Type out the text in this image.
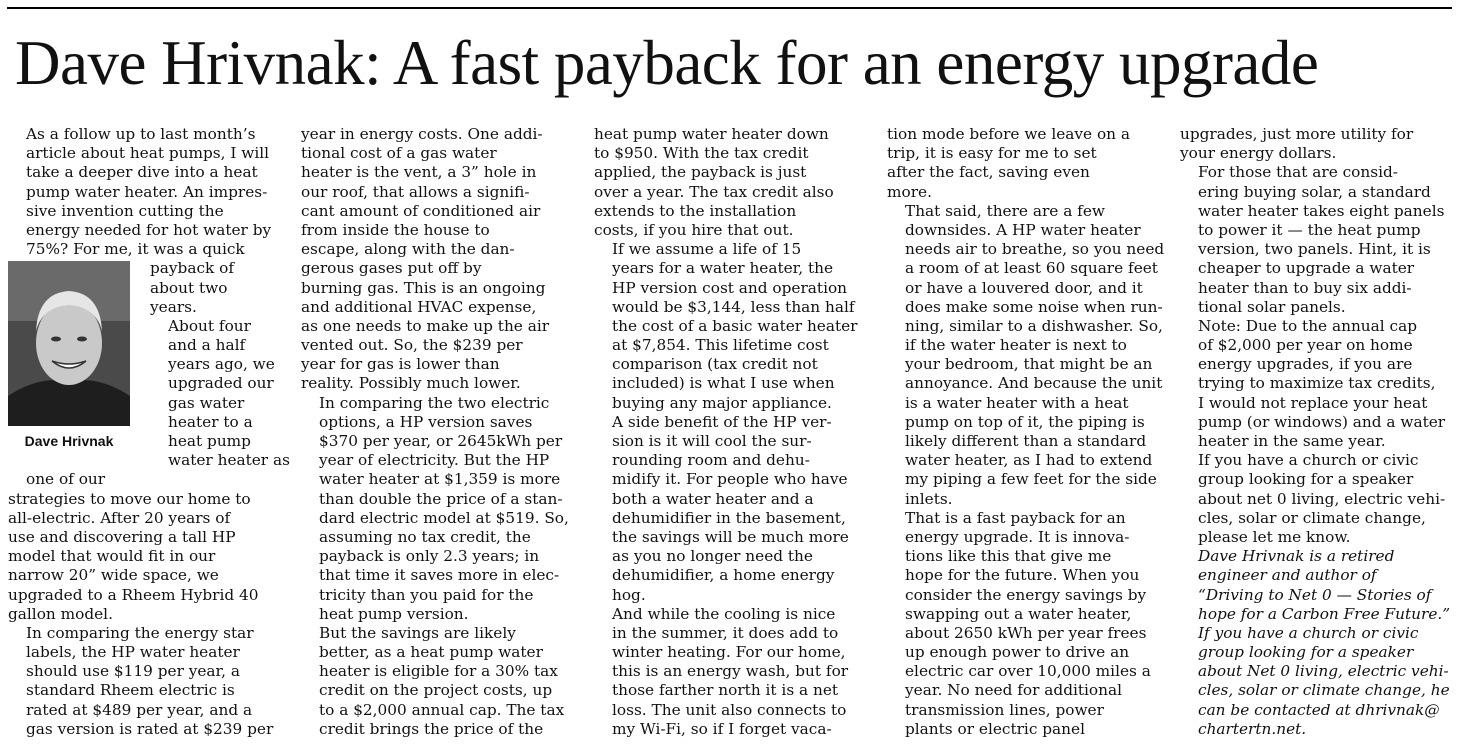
Dave Hrivnak: A fast payback for an energy upgrade

As a follow up to last month’s
article about heat pumps, I will
take a deeper dive into a heat
pump water heater. An impres-
sive invention cutting the
energy needed for hot water by
75%? For me, it was a quick

Dave Hrivnak

payback of
about two
years.

About four
and a half
years ago, we
upgraded our
gas water
heater to a
heat pump
water heater as
one of our

strategies to move our home to
all-electric. After 20 years of
use and discovering a tall HP
model that would fit in our
narrow 20” wide space, we
upgraded to a Rheem Hybrid 40
gallon model.

In comparing the energy star
labels, the HP water heater
should use $119 per year, a
standard Rheem electric is
rated at $489 per year, and a
gas version is rated at $239 per

year in energy costs. One addi-
tional cost of a gas water
heater is the vent, a 3” hole in
our roof, that allows a signifi-
cant amount of conditioned air
from inside the house to
escape, along with the dan-
gerous gases put off by
burning gas. This is an ongoing
and additional HVAC expense,
as one needs to make up the air
vented out. So, the $239 per
year for gas is lower than
reality. Possibly much lower.

In comparing the two electric
options, a HP version saves
$370 per year, or 2645kWh per
year of electricity. But the HP
water heater at $1,359 is more
than double the price of a stan-
dard electric model at $519. So,
assuming no tax credit, the
payback is only 2.3 years; in
that time it saves more in elec-
tricity than you paid for the
heat pump version.

But the savings are likely
better, as a heat pump water
heater is eligible for a 30% tax
credit on the project costs, up
to a $2,000 annual cap. The tax
credit brings the price of the

heat pump water heater down
to $950. With the tax credit
applied, the payback is just
over a year. The tax credit also
extends to the installation
costs, if you hire that out.

If we assume a life of 15
years for a water heater, the
HP version cost and operation
would be $3,144, less than half
the cost of a basic water heater
at $7,854. This lifetime cost
comparison (tax credit not
included) is what I use when
buying any major appliance.

A side benefit of the HP ver-
sion is it will cool the sur-
rounding room and dehu-
midify it. For people who have
both a water heater and a
dehumidifier in the basement,
the savings will be much more
as you no longer need the
dehumidifier, a home energy
hog.

And while the cooling is nice
in the summer, it does add to
winter heating. For our home,
this is an energy wash, but for
those farther north it is a net
loss. The unit also connects to
my Wi-Fi, so if I forget vaca-

tion mode before we leave on a
trip, it is easy for me to set
after the fact, saving even
more.

That said, there are a few
downsides. A HP water heater
needs air to breathe, so you need
a room of at least 60 square feet
or have a louvered door, and it
does make some noise when run-
ning, similar to a dishwasher. So,
if the water heater is next to
your bedroom, that might be an
annoyance. And because the unit
is a water heater with a heat
pump on top of it, the piping is
likely different than a standard
water heater, as I had to extend
my piping a few feet for the side
inlets.

That is a fast payback for an
energy upgrade. It is innova-
tions like this that give me
hope for the future. When you
consider the energy savings by
swapping out a water heater,
about 2650 kWh per year frees
up enough power to drive an
electric car over 10,000 miles a
year. No need for additional
transmission lines, power
plants or electric panel

upgrades, just more utility for
your energy dollars.

For those that are consid-
ering buying solar, a standard
water heater takes eight panels
to power it — the heat pump
version, two panels. Hint, it is
cheaper to upgrade a water
heater than to buy six addi-
tional solar panels.

Note: Due to the annual cap
of $2,000 per year on home
energy upgrades, if you are
trying to maximize tax credits,
I would not replace your heat
pump (or windows) and a water
heater in the same year.

If you have a church or civic
group looking for a speaker
about net 0 living, electric vehi-
cles, solar or climate change,
please let me know.

Dave Hrivnak is a retired
engineer and author of
“Driving to Net 0 — Stories of
hope for a Carbon Free Future.”
If you have a church or civic
group looking for a speaker
about Net 0 living, electric vehi-
cles, solar or climate change, he
can be contacted at dhrivnak@
chartertn.net.
